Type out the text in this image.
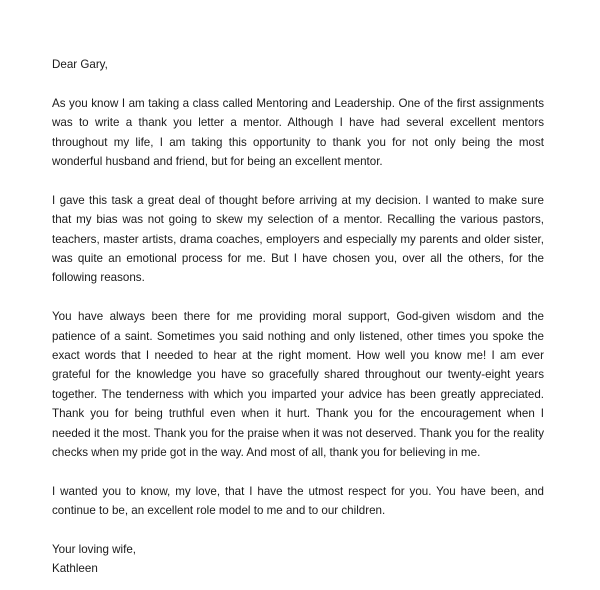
Dear Gary,

As you know I am taking a class called Mentoring and Leadership. One of the first assignments was to write a thank you letter a mentor. Although I have had several excellent mentors throughout my life, I am taking this opportunity to thank you for not only being the most wonderful husband and friend, but for being an excellent mentor.

I gave this task a great deal of thought before arriving at my decision. I wanted to make sure that my bias was not going to skew my selection of a mentor. Recalling the various pastors, teachers, master artists, drama coaches, employers and especially my parents and older sister, was quite an emotional process for me. But I have chosen you, over all the others, for the following reasons.

You have always been there for me providing moral support, God-given wisdom and the patience of a saint. Sometimes you said nothing and only listened, other times you spoke the exact words that I needed to hear at the right moment. How well you know me! I am ever grateful for the knowledge you have so gracefully shared throughout our twenty-eight years together. The tenderness with which you imparted your advice has been greatly appreciated. Thank you for being truthful even when it hurt. Thank you for the encouragement when I needed it the most. Thank you for the praise when it was not deserved. Thank you for the reality checks when my pride got in the way. And most of all, thank you for believing in me.

I wanted you to know, my love, that I have the utmost respect for you. You have been, and continue to be, an excellent role model to me and to our children.

Your loving wife,

Kathleen
